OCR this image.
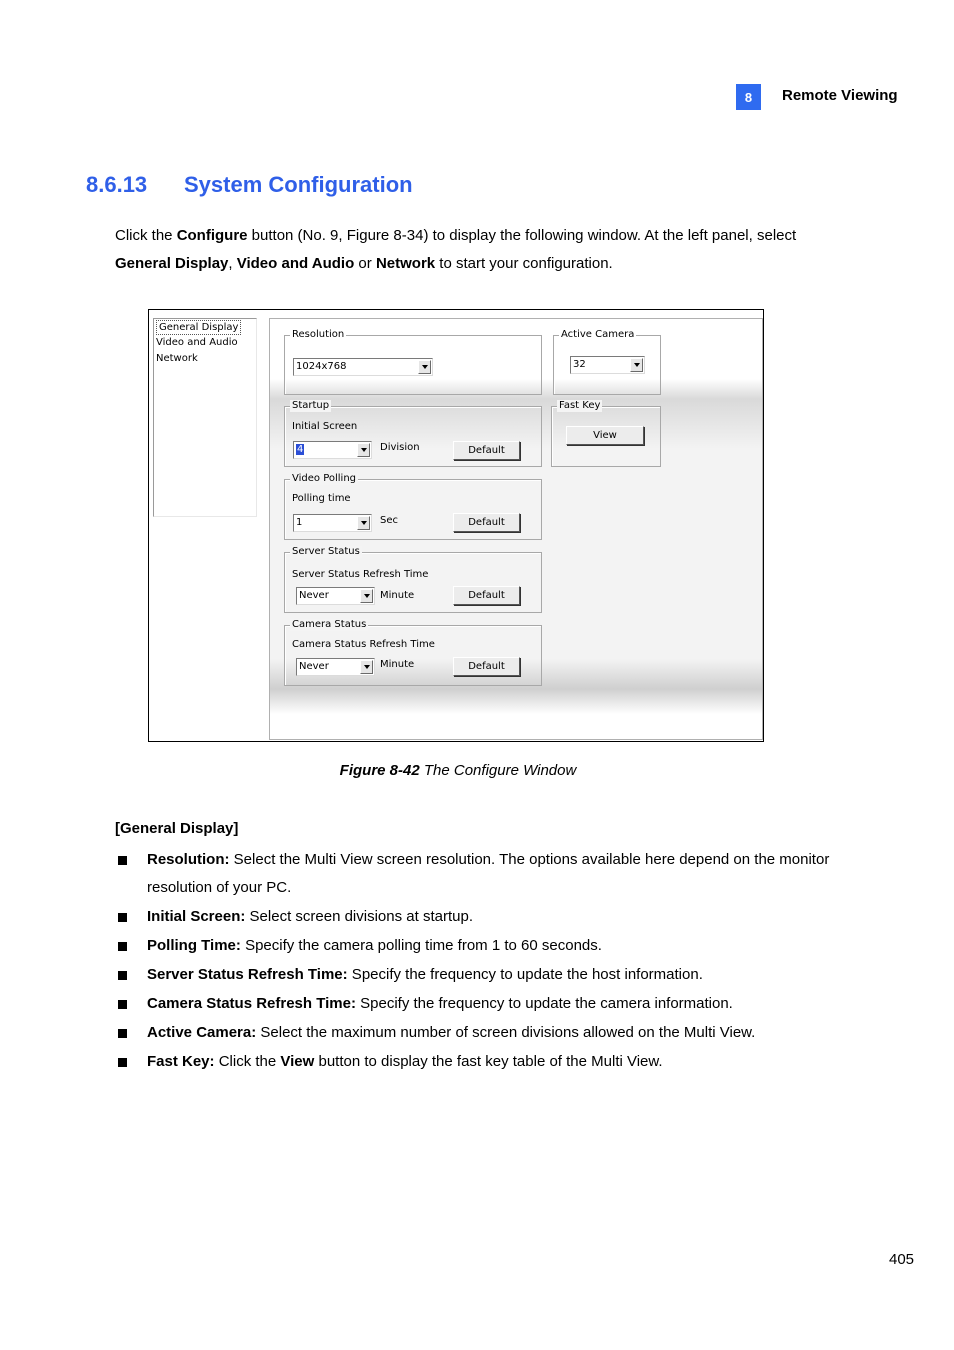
8	Remote Viewing
8.6.13 System Configuration
Click the Configure button (No. 9, Figure 8-34) to display the following window. At the left panel, select General Display, Video and Audio or Network to start your configuration.
General Display
Video and Audio
Network
Resolution
1024x768
Active Camera
32
Startup
Initial Screen
4	Division	Default
Fast Key
View
Video Polling
Polling time
1	Sec	Default
Server Status
Server Status Refresh Time
Never	Minute	Default
Camera Status
Camera Status Refresh Time
Never	Minute	Default
Figure 8-42 The Configure Window
[General Display]
Resolution: Select the Multi View screen resolution. The options available here depend on the monitor resolution of your PC.
Initial Screen: Select screen divisions at startup.
Polling Time: Specify the camera polling time from 1 to 60 seconds.
Server Status Refresh Time: Specify the frequency to update the host information.
Camera Status Refresh Time: Specify the frequency to update the camera information.
Active Camera: Select the maximum number of screen divisions allowed on the Multi View.
Fast Key: Click the View button to display the fast key table of the Multi View.
405
